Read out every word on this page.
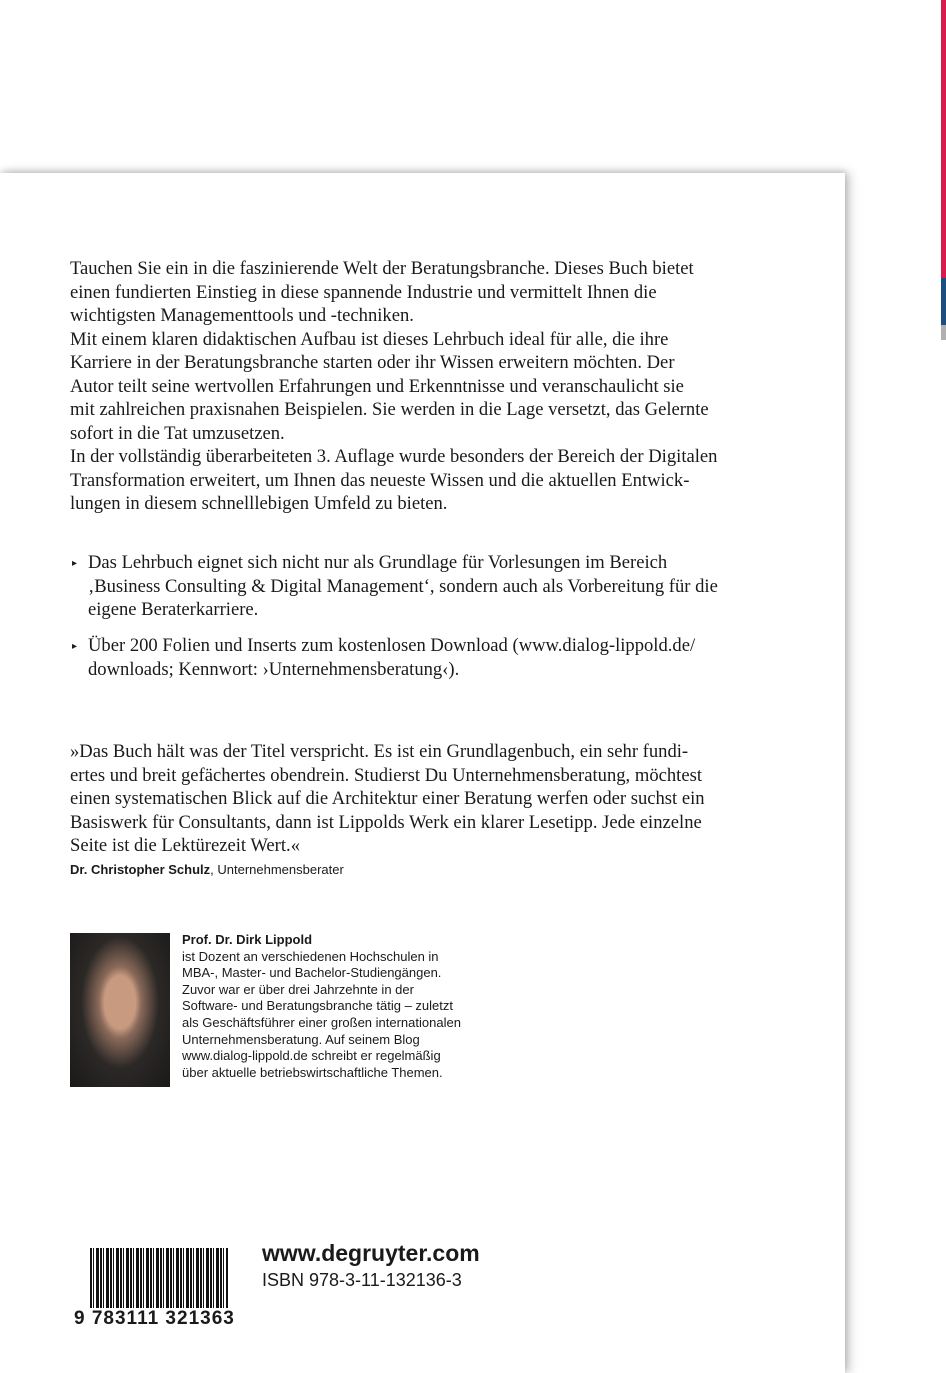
Tauchen Sie ein in die faszinierende Welt der Beratungsbranche. Dieses Buch bietet
einen fundierten Einstieg in diese spannende Industrie und vermittelt Ihnen die
wichtigsten Managementtools und -techniken.
Mit einem klaren didaktischen Aufbau ist dieses Lehrbuch ideal für alle, die ihre
Karriere in der Beratungsbranche starten oder ihr Wissen erweitern möchten. Der
Autor teilt seine wertvollen Erfahrungen und Erkenntnisse und veranschaulicht sie
mit zahlreichen praxisnahen Beispielen. Sie werden in die Lage versetzt, das Gelernte
sofort in die Tat umzusetzen.
In der vollständig überarbeiteten 3. Auflage wurde besonders der Bereich der Digitalen
Transformation erweitert, um Ihnen das neueste Wissen und die aktuellen Entwick-
lungen in diesem schnelllebigen Umfeld zu bieten.
▸ Das Lehrbuch eignet sich nicht nur als Grundlage für Vorlesungen im Bereich
‚Business Consulting & Digital Management‘, sondern auch als Vorbereitung für die
eigene Beraterkarriere.
▸ Über 200 Folien und Inserts zum kostenlosen Download (www.dialog-lippold.de/
downloads; Kennwort: ›Unternehmensberatung‹).
»Das Buch hält was der Titel verspricht. Es ist ein Grundlagenbuch, ein sehr fundi-
ertes und breit gefächertes obendrein. Studierst Du Unternehmensberatung, möchtest
einen systematischen Blick auf die Architektur einer Beratung werfen oder suchst ein
Basiswerk für Consultants, dann ist Lippolds Werk ein klarer Lesetipp. Jede einzelne
Seite ist die Lektürezeit Wert.«
Dr. Christopher Schulz, Unternehmensberater
Prof. Dr. Dirk Lippold
ist Dozent an verschiedenen Hochschulen in
MBA-, Master- und Bachelor-Studiengängen.
Zuvor war er über drei Jahrzehnte in der
Software- und Beratungsbranche tätig – zuletzt
als Geschäftsführer einer großen internationalen
Unternehmensberatung. Auf seinem Blog
www.dialog-lippold.de schreibt er regelmäßig
über aktuelle betriebswirtschaftliche Themen.
9 783111 321363
www.degruyter.com
ISBN 978-3-11-132136-3
